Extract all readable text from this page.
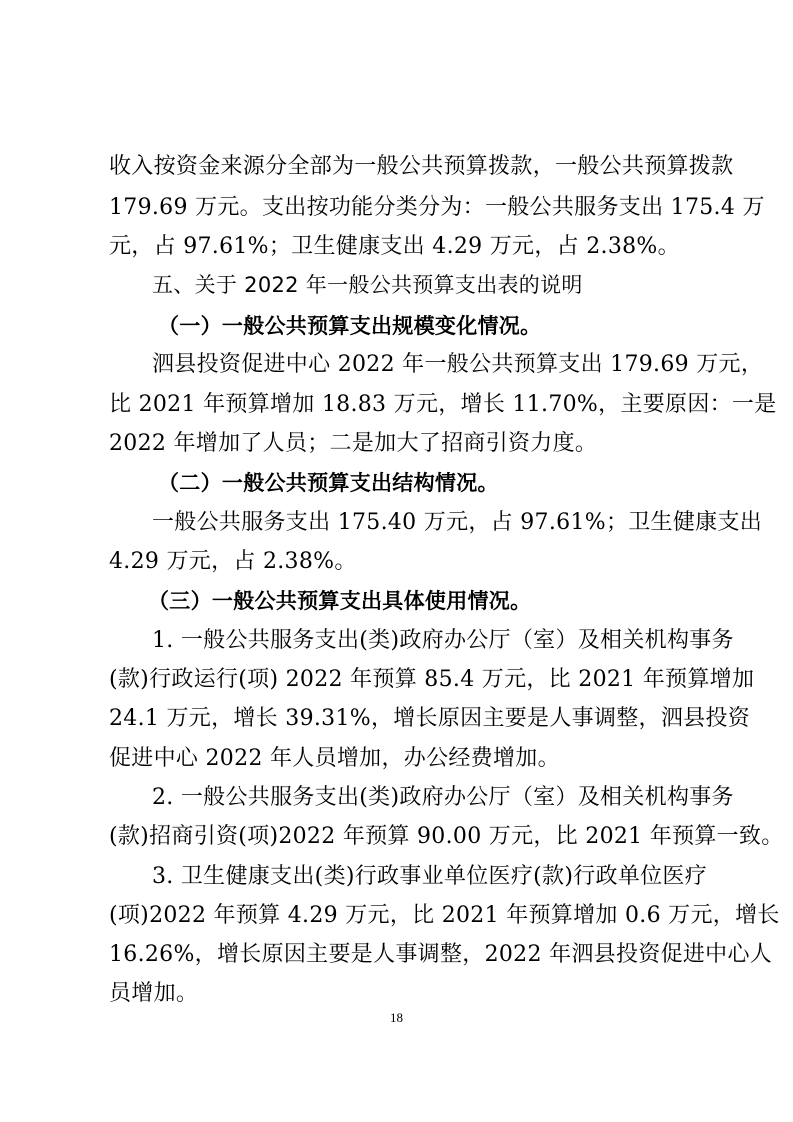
收入按资金来源分全部为一般公共预算拨款，一般公共预算拨款
179.69 万元。支出按功能分类分为：一般公共服务支出 175.4 万
元，占 97.61%；卫生健康支出 4.29 万元，占 2.38%。
五、关于 2022 年一般公共预算支出表的说明
（一）一般公共预算支出规模变化情况。
泗县投资促进中心 2022 年一般公共预算支出 179.69 万元，
比 2021 年预算增加 18.83 万元，增长 11.70%，主要原因：一是
2022 年增加了人员；二是加大了招商引资力度。
（二）一般公共预算支出结构情况。
一般公共服务支出 175.40 万元，占 97.61%；卫生健康支出
4.29 万元，占 2.38%。
（三）一般公共预算支出具体使用情况。
1. 一般公共服务支出(类)政府办公厅（室）及相关机构事务
(款)行政运行(项) 2022 年预算 85.4 万元，比 2021 年预算增加
24.1 万元，增长 39.31%，增长原因主要是人事调整，泗县投资
促进中心 2022 年人员增加，办公经费增加。
2. 一般公共服务支出(类)政府办公厅（室）及相关机构事务
(款)招商引资(项)2022 年预算 90.00 万元，比 2021 年预算一致。
3. 卫生健康支出(类)行政事业单位医疗(款)行政单位医疗
(项)2022 年预算 4.29 万元，比 2021 年预算增加 0.6 万元，增长
16.26%，增长原因主要是人事调整，2022 年泗县投资促进中心人
员增加。
18
